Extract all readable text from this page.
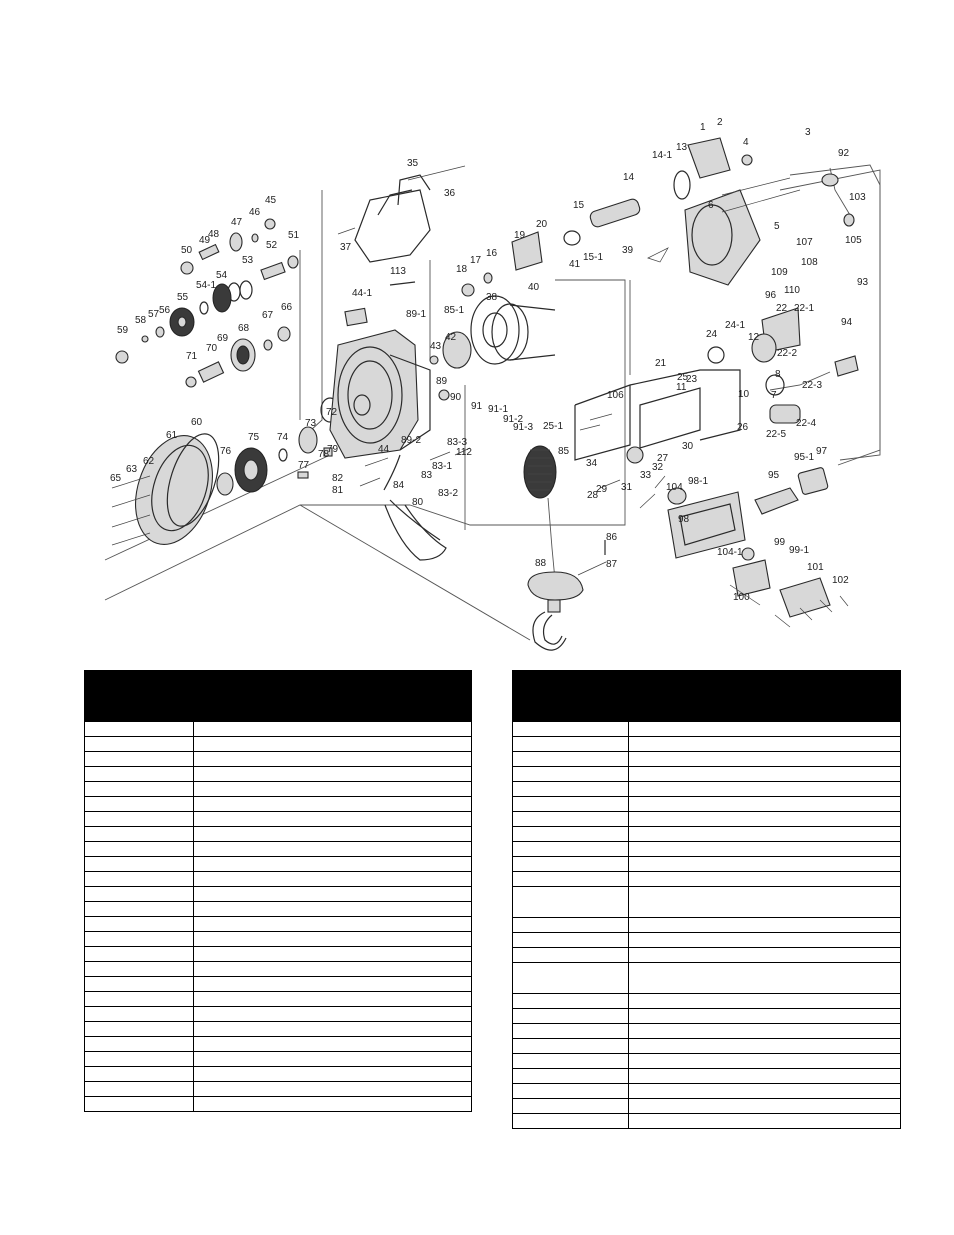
1 2
3
4
5
6
7
8
10
11
12
13
14
14-1
15
15-1
16
17
18
19
20
21
22 22-1
22-2
22-3
22-4
22-5
23
24
24-1
25
25-1	26
27
28
29
30
31
32
33
34
35
36
37
38
39
40
41
42
43
44
44-1
45
46
47
48
49
50
51
52
53
54
54-1
55
56
57
58
59
60
61
62
63
65
66
67
68
69
70
71
72
73
74
75
76
77
78
79
80
81
82	83
83-1
83-2
83-3
84
85
85-1
86
87
88
89
89-1
89-2
90
91 91-1
91-2
91-3
92
93
94
95
95-1
96
97
98
98-1
99
99-1
100
101
102
103
104
104-1
105
106
107
108
109
110
112
113
